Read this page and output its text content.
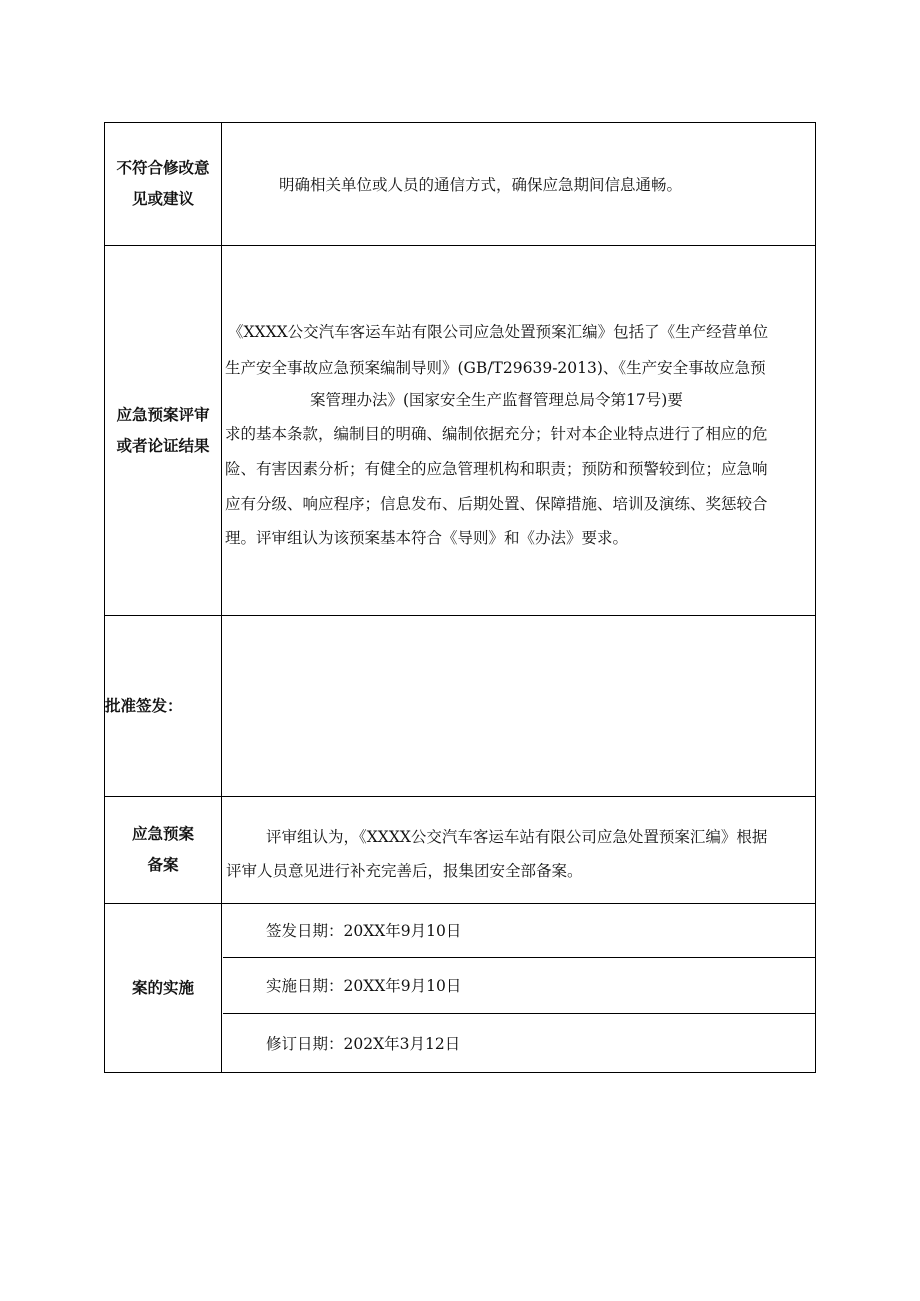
不符合修改意
见或建议
明确相关单位或人员的通信方式，确保应急期间信息通畅。
应急预案评审
或者论证结果
批准签发：
应急预案
备案
评审组认为，《XXXX公交汽车客运车站有限公司应急处置预案汇编》根据
评审人员意见进行补充完善后，报集团安全部备案。
案的实施
签发日期：20XX年9月10日
实施日期：20XX年9月10日
修订日期：202X年3月12日
《XXXX公交汽车客运车站有限公司应急处置预案汇编》包括了《生产经营单位
生产安全事故应急预案编制导则》(GB/T29639-2013)、《生产安全事故应急预
案管理办法》(国家安全生产监督管理总局令第17号)要
求的基本条款，编制目的明确、编制依据充分；针对本企业特点进行了相应的危
险、有害因素分析；有健全的应急管理机构和职责；预防和预警较到位；应急响
应有分级、响应程序；信息发布、后期处置、保障措施、培训及演练、奖惩较合
理。评审组认为该预案基本符合《导则》和《办法》要求。
